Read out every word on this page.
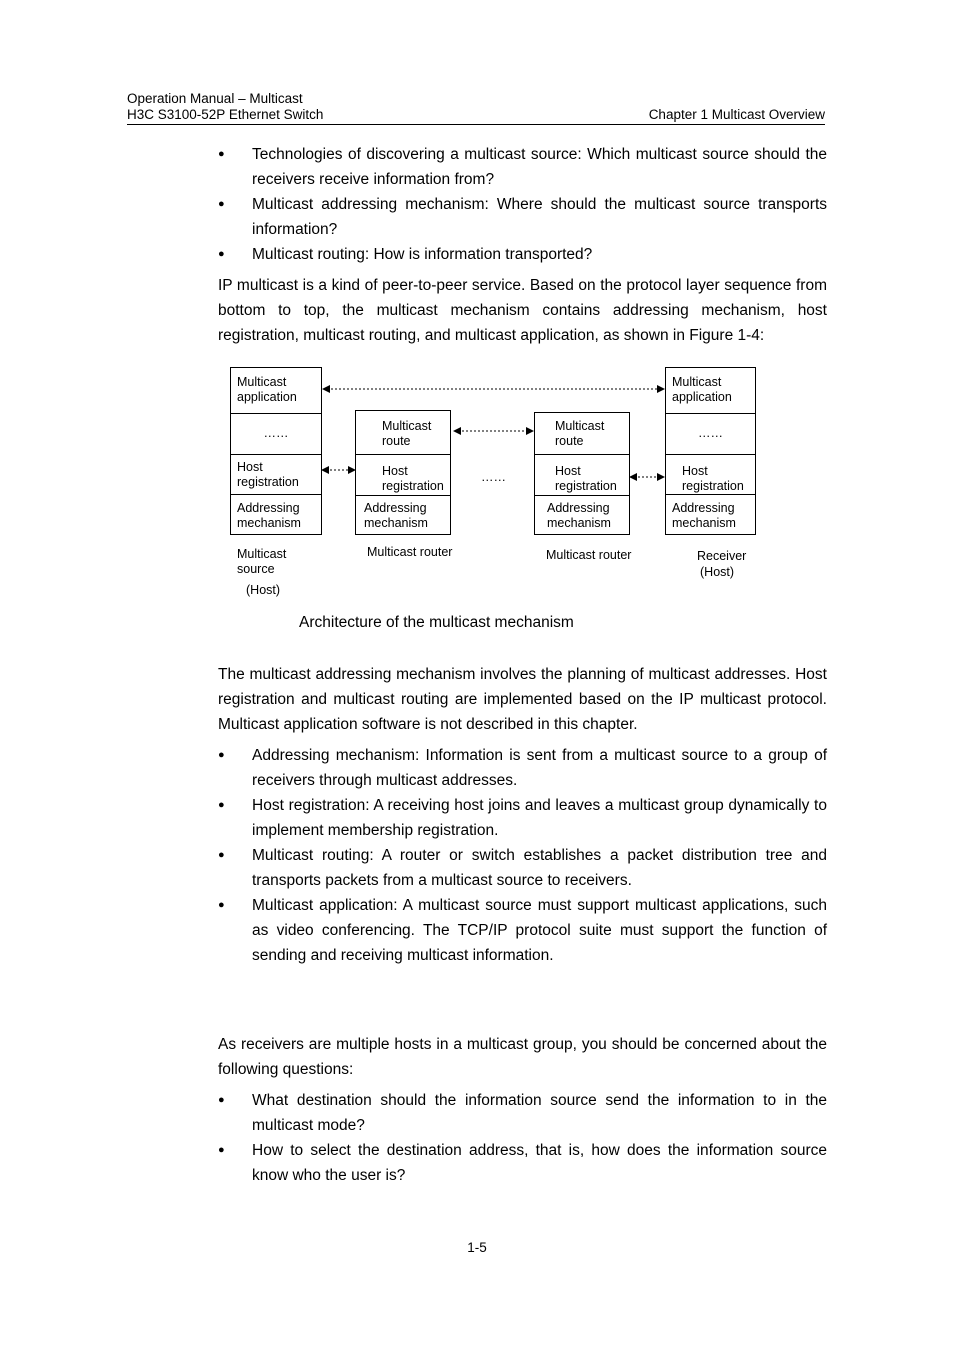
Operation Manual – Multicast
H3C S3100-52P Ethernet Switch	Chapter 1 Multicast Overview
●	Technologies of discovering a multicast source: Which multicast source should the receivers receive information from?
●	Multicast addressing mechanism: Where should the multicast source transports information?
●	Multicast routing: How is information transported?
IP multicast is a kind of peer-to-peer service. Based on the protocol layer sequence from bottom to top, the multicast mechanism contains addressing mechanism, host registration, multicast routing, and multicast application, as shown in Figure 1-4:
Multicast
application
……
Host
registration
Addressing
mechanism
Multicast
route
Host
registration
Addressing
mechanism
……
Multicast
route
Host
registration
Addressing
mechanism
Multicast
application
……
Host
registration
Addressing
mechanism
Multicast
source
(Host)
Multicast router	Multicast router	Receiver
(Host)
Architecture of the multicast mechanism
The multicast addressing mechanism involves the planning of multicast addresses. Host registration and multicast routing are implemented based on the IP multicast protocol. Multicast application software is not described in this chapter.
●	Addressing mechanism: Information is sent from a multicast source to a group of receivers through multicast addresses.
●	Host registration: A receiving host joins and leaves a multicast group dynamically to implement membership registration.
●	Multicast routing: A router or switch establishes a packet distribution tree and transports packets from a multicast source to receivers.
●	Multicast application: A multicast source must support multicast applications, such as video conferencing. The TCP/IP protocol suite must support the function of sending and receiving multicast information.
As receivers are multiple hosts in a multicast group, you should be concerned about the following questions:
●	What destination should the information source send the information to in the multicast mode?
●	How to select the destination address, that is, how does the information source know who the user is?
1-5
